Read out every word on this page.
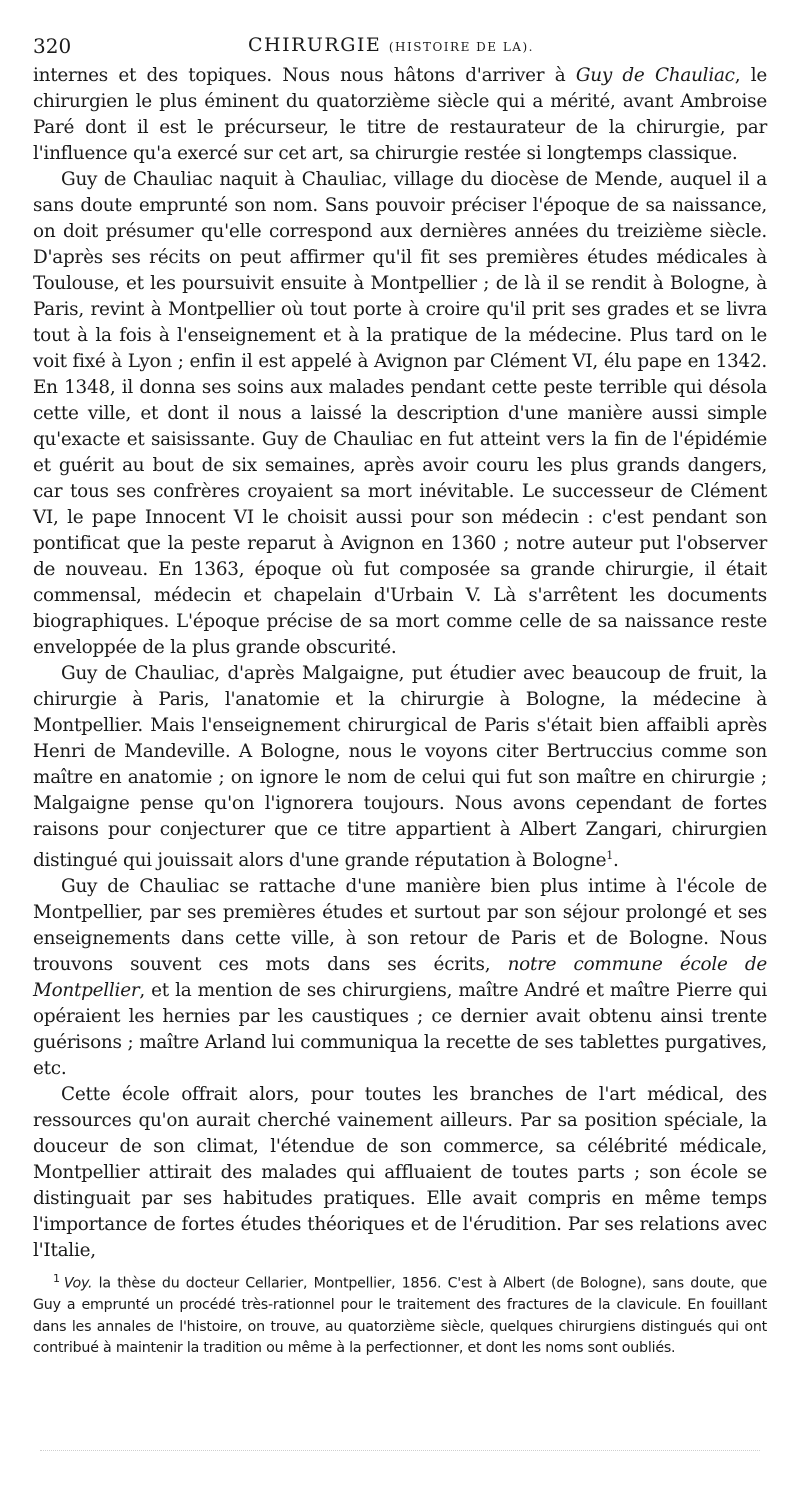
320	CHIRURGIE (HISTOIRE DE LA).

internes et des topiques. Nous nous hâtons d'arriver à Guy de Chauliac, le chirurgien le plus éminent du quatorzième siècle qui a mérité, avant Ambroise Paré dont il est le précurseur, le titre de restaurateur de la chirurgie, par l'influence qu'a exercé sur cet art, sa chirurgie restée si longtemps classique.

Guy de Chauliac naquit à Chauliac, village du diocèse de Mende, auquel il a sans doute emprunté son nom. Sans pouvoir préciser l'époque de sa naissance, on doit présumer qu'elle correspond aux dernières années du treizième siècle. D'après ses récits on peut affirmer qu'il fit ses premières études médicales à Toulouse, et les poursuivit ensuite à Montpellier ; de là il se rendit à Bologne, à Paris, revint à Montpellier où tout porte à croire qu'il prit ses grades et se livra tout à la fois à l'enseignement et à la pratique de la médecine. Plus tard on le voit fixé à Lyon ; enfin il est appelé à Avignon par Clément VI, élu pape en 1342. En 1348, il donna ses soins aux malades pendant cette peste terrible qui désola cette ville, et dont il nous a laissé la description d'une manière aussi simple qu'exacte et saisissante. Guy de Chauliac en fut atteint vers la fin de l'épidémie et guérit au bout de six semaines, après avoir couru les plus grands dangers, car tous ses confrères croyaient sa mort inévitable. Le successeur de Clément VI, le pape Innocent VI le choisit aussi pour son médecin : c'est pendant son pontificat que la peste reparut à Avignon en 1360 ; notre auteur put l'observer de nouveau. En 1363, époque où fut composée sa grande chirurgie, il était commensal, médecin et chapelain d'Urbain V. Là s'arrêtent les documents biographiques. L'époque précise de sa mort comme celle de sa naissance reste enveloppée de la plus grande obscurité.

Guy de Chauliac, d'après Malgaigne, put étudier avec beaucoup de fruit, la chirurgie à Paris, l'anatomie et la chirurgie à Bologne, la médecine à Montpellier. Mais l'enseignement chirurgical de Paris s'était bien affaibli après Henri de Mandeville. A Bologne, nous le voyons citer Bertruccius comme son maître en anatomie ; on ignore le nom de celui qui fut son maître en chirurgie ; Malgaigne pense qu'on l'ignorera toujours. Nous avons cependant de fortes raisons pour conjecturer que ce titre appartient à Albert Zangari, chirurgien distingué qui jouissait alors d'une grande réputation à Bologne$^1$.

Guy de Chauliac se rattache d'une manière bien plus intime à l'école de Montpellier, par ses premières études et surtout par son séjour prolongé et ses enseignements dans cette ville, à son retour de Paris et de Bologne. Nous trouvons souvent ces mots dans ses écrits, notre commune école de Montpellier, et la mention de ses chirurgiens, maître André et maître Pierre qui opéraient les hernies par les caustiques ; ce dernier avait obtenu ainsi trente guérisons ; maître Arland lui communiqua la recette de ses tablettes purgatives, etc.

Cette école offrait alors, pour toutes les branches de l'art médical, des ressources qu'on aurait cherché vainement ailleurs. Par sa position spéciale, la douceur de son climat, l'étendue de son commerce, sa célébrité médicale, Montpellier attirait des malades qui affluaient de toutes parts ; son école se distinguait par ses habitudes pratiques. Elle avait compris en même temps l'importance de fortes études théoriques et de l'érudition. Par ses relations avec l'Italie,

$^1$ Voy. la thèse du docteur Cellarier, Montpellier, 1856. C'est à Albert (de Bologne), sans doute, que Guy a emprunté un procédé très-rationnel pour le traitement des fractures de la clavicule. En fouillant dans les annales de l'histoire, on trouve, au quatorzième siècle, quelques chirurgiens distingués qui ont contribué à maintenir la tradition ou même à la perfectionner, et dont les noms sont oubliés.
